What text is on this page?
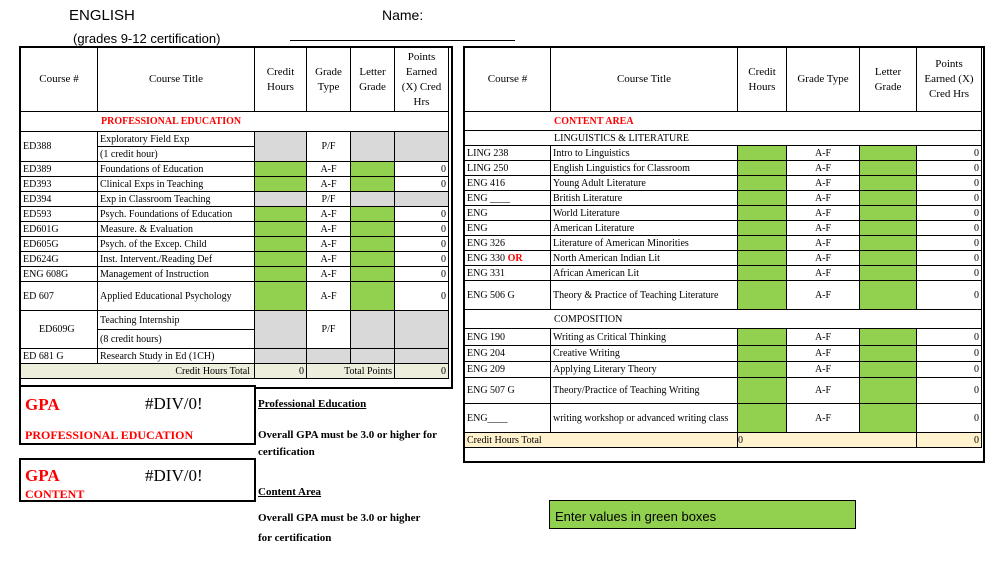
ENGLISH
(grades 9-12 certification)
Name:
Course #	Course Title	Credit Hours	Grade Type	Letter Grade	Points Earned (X) Cred Hrs
PROFESSIONAL EDUCATION					
ED388	Exploratory Field Exp		P/F		
	(1 credit hour)				
ED389	Foundations of Education		A-F		0
ED393	Clinical Exps in Teaching		A-F		0
ED394	Exp in Classroom Teaching		P/F		
ED593	Psych. Foundations of Education		A-F		0
ED601G	Measure. & Evaluation		A-F		0
ED605G	Psych. of the Excep. Child		A-F		0
ED624G	Inst. Intervent./Reading Def		A-F		0
ENG 608G	Management of Instruction		A-F		0
ED 607	Applied Educational Psychology		A-F		0
ED609G	Teaching Internship		P/F		
	(8 credit hours)				
ED 681 G	Research Study in Ed (1CH)				
Credit Hours Total		0	Total Points		0
Course #	Course Title	Credit Hours	Grade Type	Letter Grade	Points Earned (X) Cred Hrs
CONTENT AREA					
LINGUISTICS & LITERATURE					
LING 238	Intro to Linguistics		A-F		0
LING 250	English Linguistics for Classroom		A-F		0
ENG 416	Young Adult Literature		A-F		0
ENG ____	British Literature		A-F		0
ENG	World Literature		A-F		0
ENG	American Literature		A-F		0
ENG 326	Literature of American Minorities		A-F		0
ENG 330 OR	North American Indian Lit		A-F		0
ENG 331	African American Lit		A-F		0
ENG 506 G	Theory & Practice of Teaching Literature		A-F		0
COMPOSITION					
ENG 190	Writing as Critical Thinking		A-F		0
ENG 204	Creative Writing		A-F		0
ENG 209	Applying Literary Theory		A-F		0
ENG 507 G	Theory/Practice of Teaching Writing		A-F		0
ENG____	writing workshop or advanced writing class		A-F		0
Credit Hours Total		0			0
GPA	#DIV/0!
PROFESSIONAL EDUCATION
GPA	#DIV/0!
CONTENT
Professional Education
Overall GPA must be 3.0 or higher for certification
Content Area
Overall GPA must be 3.0 or higher
for certification
Enter values in green boxes
